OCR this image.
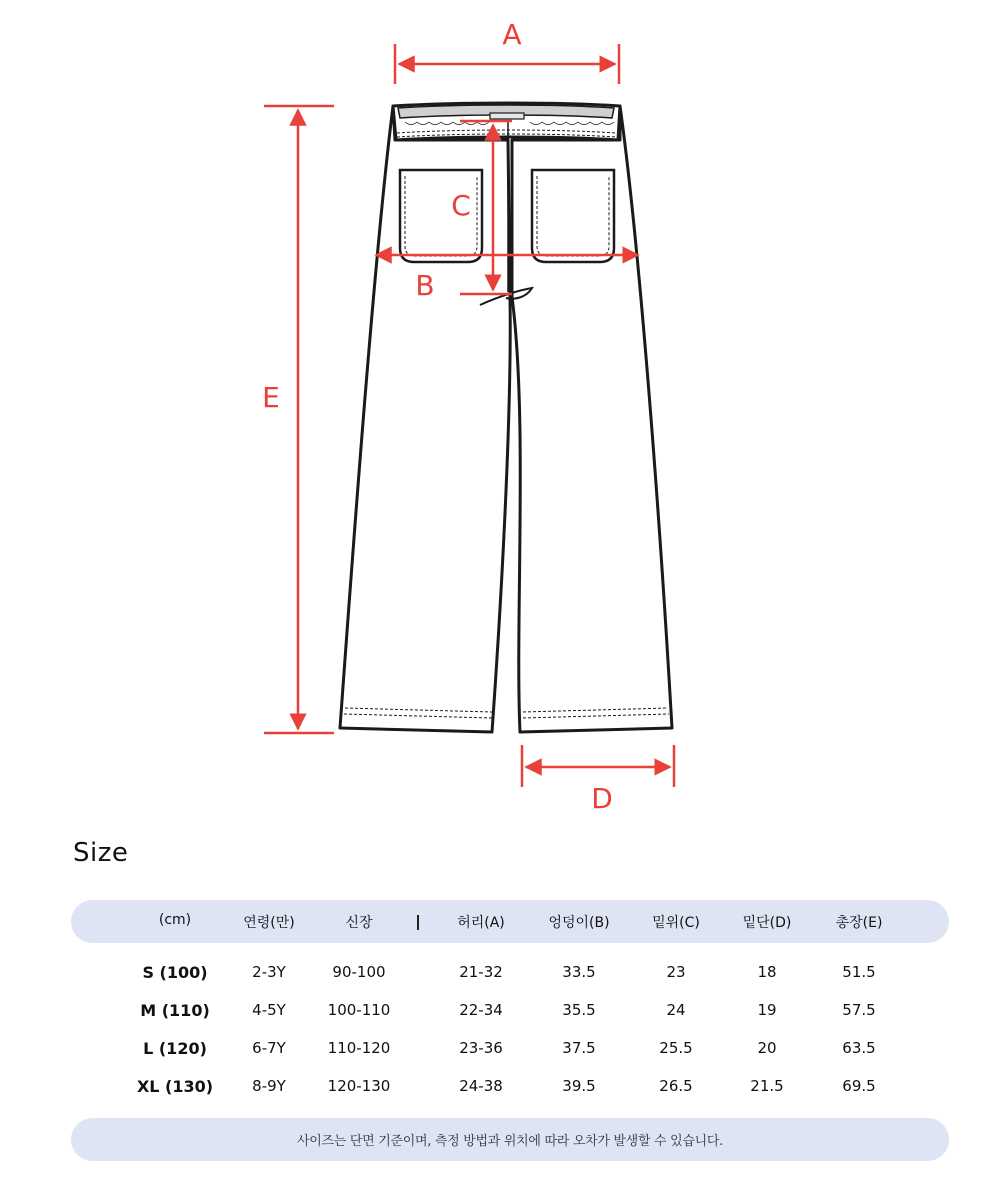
A
B
C
D
E
Size
(cm)	연령(만)	신장	허리(A)	엉덩이(B)	밑위(C)	밑단(D)	총장(E)
S (100)	2-3Y	90-100	21-32	33.5	23	18	51.5
M (110)	4-5Y	100-110	22-34	35.5	24	19	57.5
L (120)	6-7Y	110-120	23-36	37.5	25.5	20	63.5
XL (130)	8-9Y	120-130	24-38	39.5	26.5	21.5	69.5
사이즈는 단면 기준이며, 측정 방법과 위치에 따라 오차가 발생할 수 있습니다.
